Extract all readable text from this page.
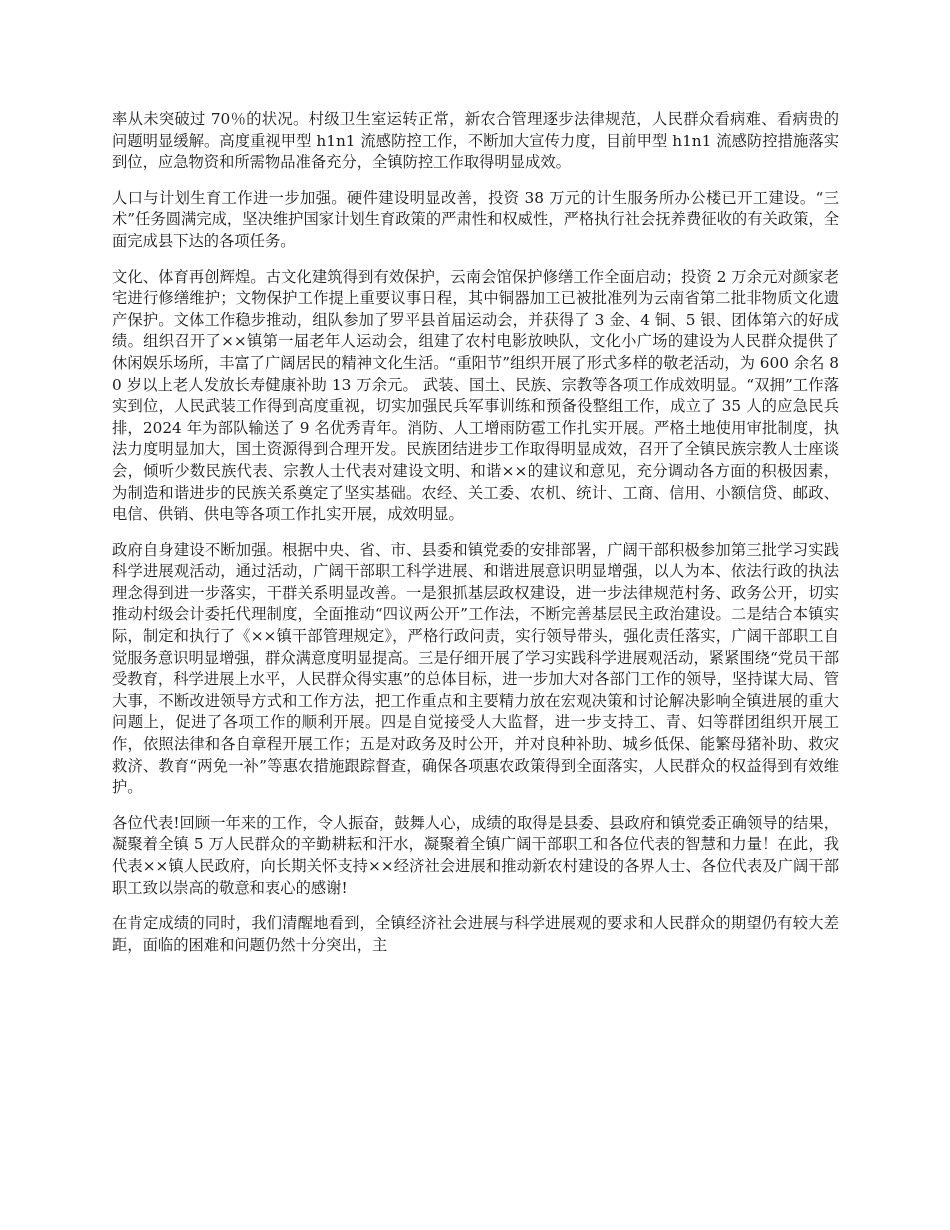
率从未突破过 70％的状况。村级卫生室运转正常，新农合管理逐步法律规范，人民群众看病难、看病贵的问题明显缓解。高度重视甲型 h1n1 流感防控工作，不断加大宣传力度，目前甲型 h1n1 流感防控措施落实到位，应急物资和所需物品准备充分，全镇防控工作取得明显成效。

人口与计划生育工作进一步加强。硬件建设明显改善，投资 38 万元的计生服务所办公楼已开工建设。“三术”任务圆满完成，坚决维护国家计划生育政策的严肃性和权威性，严格执行社会抚养费征收的有关政策，全面完成县下达的各项任务。

文化、体育再创辉煌。古文化建筑得到有效保护，云南会馆保护修缮工作全面启动；投资 2 万余元对颜家老宅进行修缮维护；文物保护工作提上重要议事日程，其中铜器加工已被批准列为云南省第二批非物质文化遗产保护。文体工作稳步推动，组队参加了罗平县首届运动会，并获得了 3 金、4 铜、5 银、团体第六的好成绩。组织召开了××镇第一届老年人运动会，组建了农村电影放映队，文化小广场的建设为人民群众提供了休闲娱乐场所，丰富了广阔居民的精神文化生活。“重阳节”组织开展了形式多样的敬老活动，为 600 余名 80 岁以上老人发放长寿健康补助 13 万余元。 武装、国土、民族、宗教等各项工作成效明显。“双拥”工作落实到位，人民武装工作得到高度重视，切实加强民兵军事训练和预备役整组工作，成立了 35 人的应急民兵排，2024 年为部队输送了 9 名优秀青年。消防、人工增雨防雹工作扎实开展。严格土地使用审批制度，执法力度明显加大，国土资源得到合理开发。民族团结进步工作取得明显成效，召开了全镇民族宗教人士座谈会，倾听少数民族代表、宗教人士代表对建设文明、和谐××的建议和意见，充分调动各方面的积极因素，为制造和谐进步的民族关系奠定了坚实基础。农经、关工委、农机、统计、工商、信用、小额信贷、邮政、电信、供销、供电等各项工作扎实开展，成效明显。

政府自身建设不断加强。根据中央、省、市、县委和镇党委的安排部署，广阔干部积极参加第三批学习实践科学进展观活动，通过活动，广阔干部职工科学进展、和谐进展意识明显增强，以人为本、依法行政的执法理念得到进一步落实，干群关系明显改善。一是狠抓基层政权建设，进一步法律规范村务、政务公开，切实推动村级会计委托代理制度，全面推动“四议两公开”工作法，不断完善基层民主政治建设。二是结合本镇实际，制定和执行了《××镇干部管理规定》，严格行政问责，实行领导带头，强化责任落实，广阔干部职工自觉服务意识明显增强，群众满意度明显提高。三是仔细开展了学习实践科学进展观活动，紧紧围绕“党员干部受教育，科学进展上水平，人民群众得实惠”的总体目标，进一步加大对各部门工作的领导，坚持谋大局、管大事，不断改进领导方式和工作方法，把工作重点和主要精力放在宏观决策和讨论解决影响全镇进展的重大问题上，促进了各项工作的顺利开展。四是自觉接受人大监督，进一步支持工、青、妇等群团组织开展工作，依照法律和各自章程开展工作；五是对政务及时公开，并对良种补助、城乡低保、能繁母猪补助、救灾救济、教育“两免一补”等惠农措施跟踪督查，确保各项惠农政策得到全面落实，人民群众的权益得到有效维护。

各位代表!回顾一年来的工作，令人振奋，鼓舞人心，成绩的取得是县委、县政府和镇党委正确领导的结果，凝聚着全镇 5 万人民群众的辛勤耕耘和汗水，凝聚着全镇广阔干部职工和各位代表的智慧和力量！在此，我代表××镇人民政府，向长期关怀支持××经济社会进展和推动新农村建设的各界人士、各位代表及广阔干部职工致以崇高的敬意和衷心的感谢!

在肯定成绩的同时，我们清醒地看到，全镇经济社会进展与科学进展观的要求和人民群众的期望仍有较大差距，面临的困难和问题仍然十分突出，主
